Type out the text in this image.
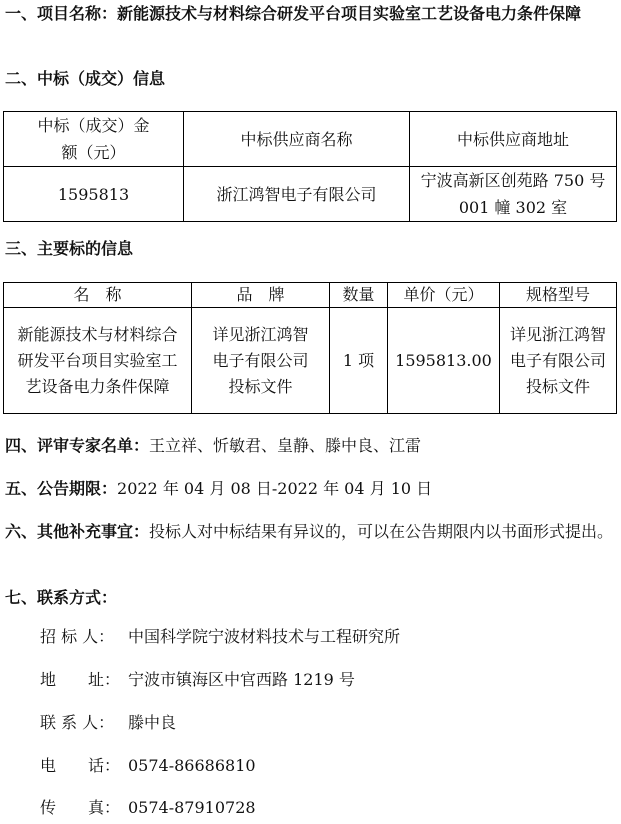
一、项目名称：新能源技术与材料综合研发平台项目实验室工艺设备电力条件保障
二、中标（成交）信息
中标（成交）金额（元）	中标供应商名称	中标供应商地址
1595813	浙江鸿智电子有限公司	宁波高新区创苑路 750 号 001 幢 302 室
三、主要标的信息
名　称	品　牌	数量	单价（元）	规格型号
新能源技术与材料综合研发平台项目实验室工艺设备电力条件保障	详见浙江鸿智电子有限公司投标文件	1 项	1595813.00	详见浙江鸿智电子有限公司投标文件
四、评审专家名单：王立祥、忻敏君、皇静、滕中良、江雷
五、公告期限：2022 年 04 月 08 日-2022 年 04 月 10 日
六、其他补充事宜：投标人对中标结果有异议的，可以在公告期限内以书面形式提出。
七、联系方式：
招 标 人： 中国科学院宁波材料技术与工程研究所
地　　址： 宁波市镇海区中官西路 1219 号
联 系 人： 滕中良
电　　话： 0574-86686810
传　　真： 0574-87910728
